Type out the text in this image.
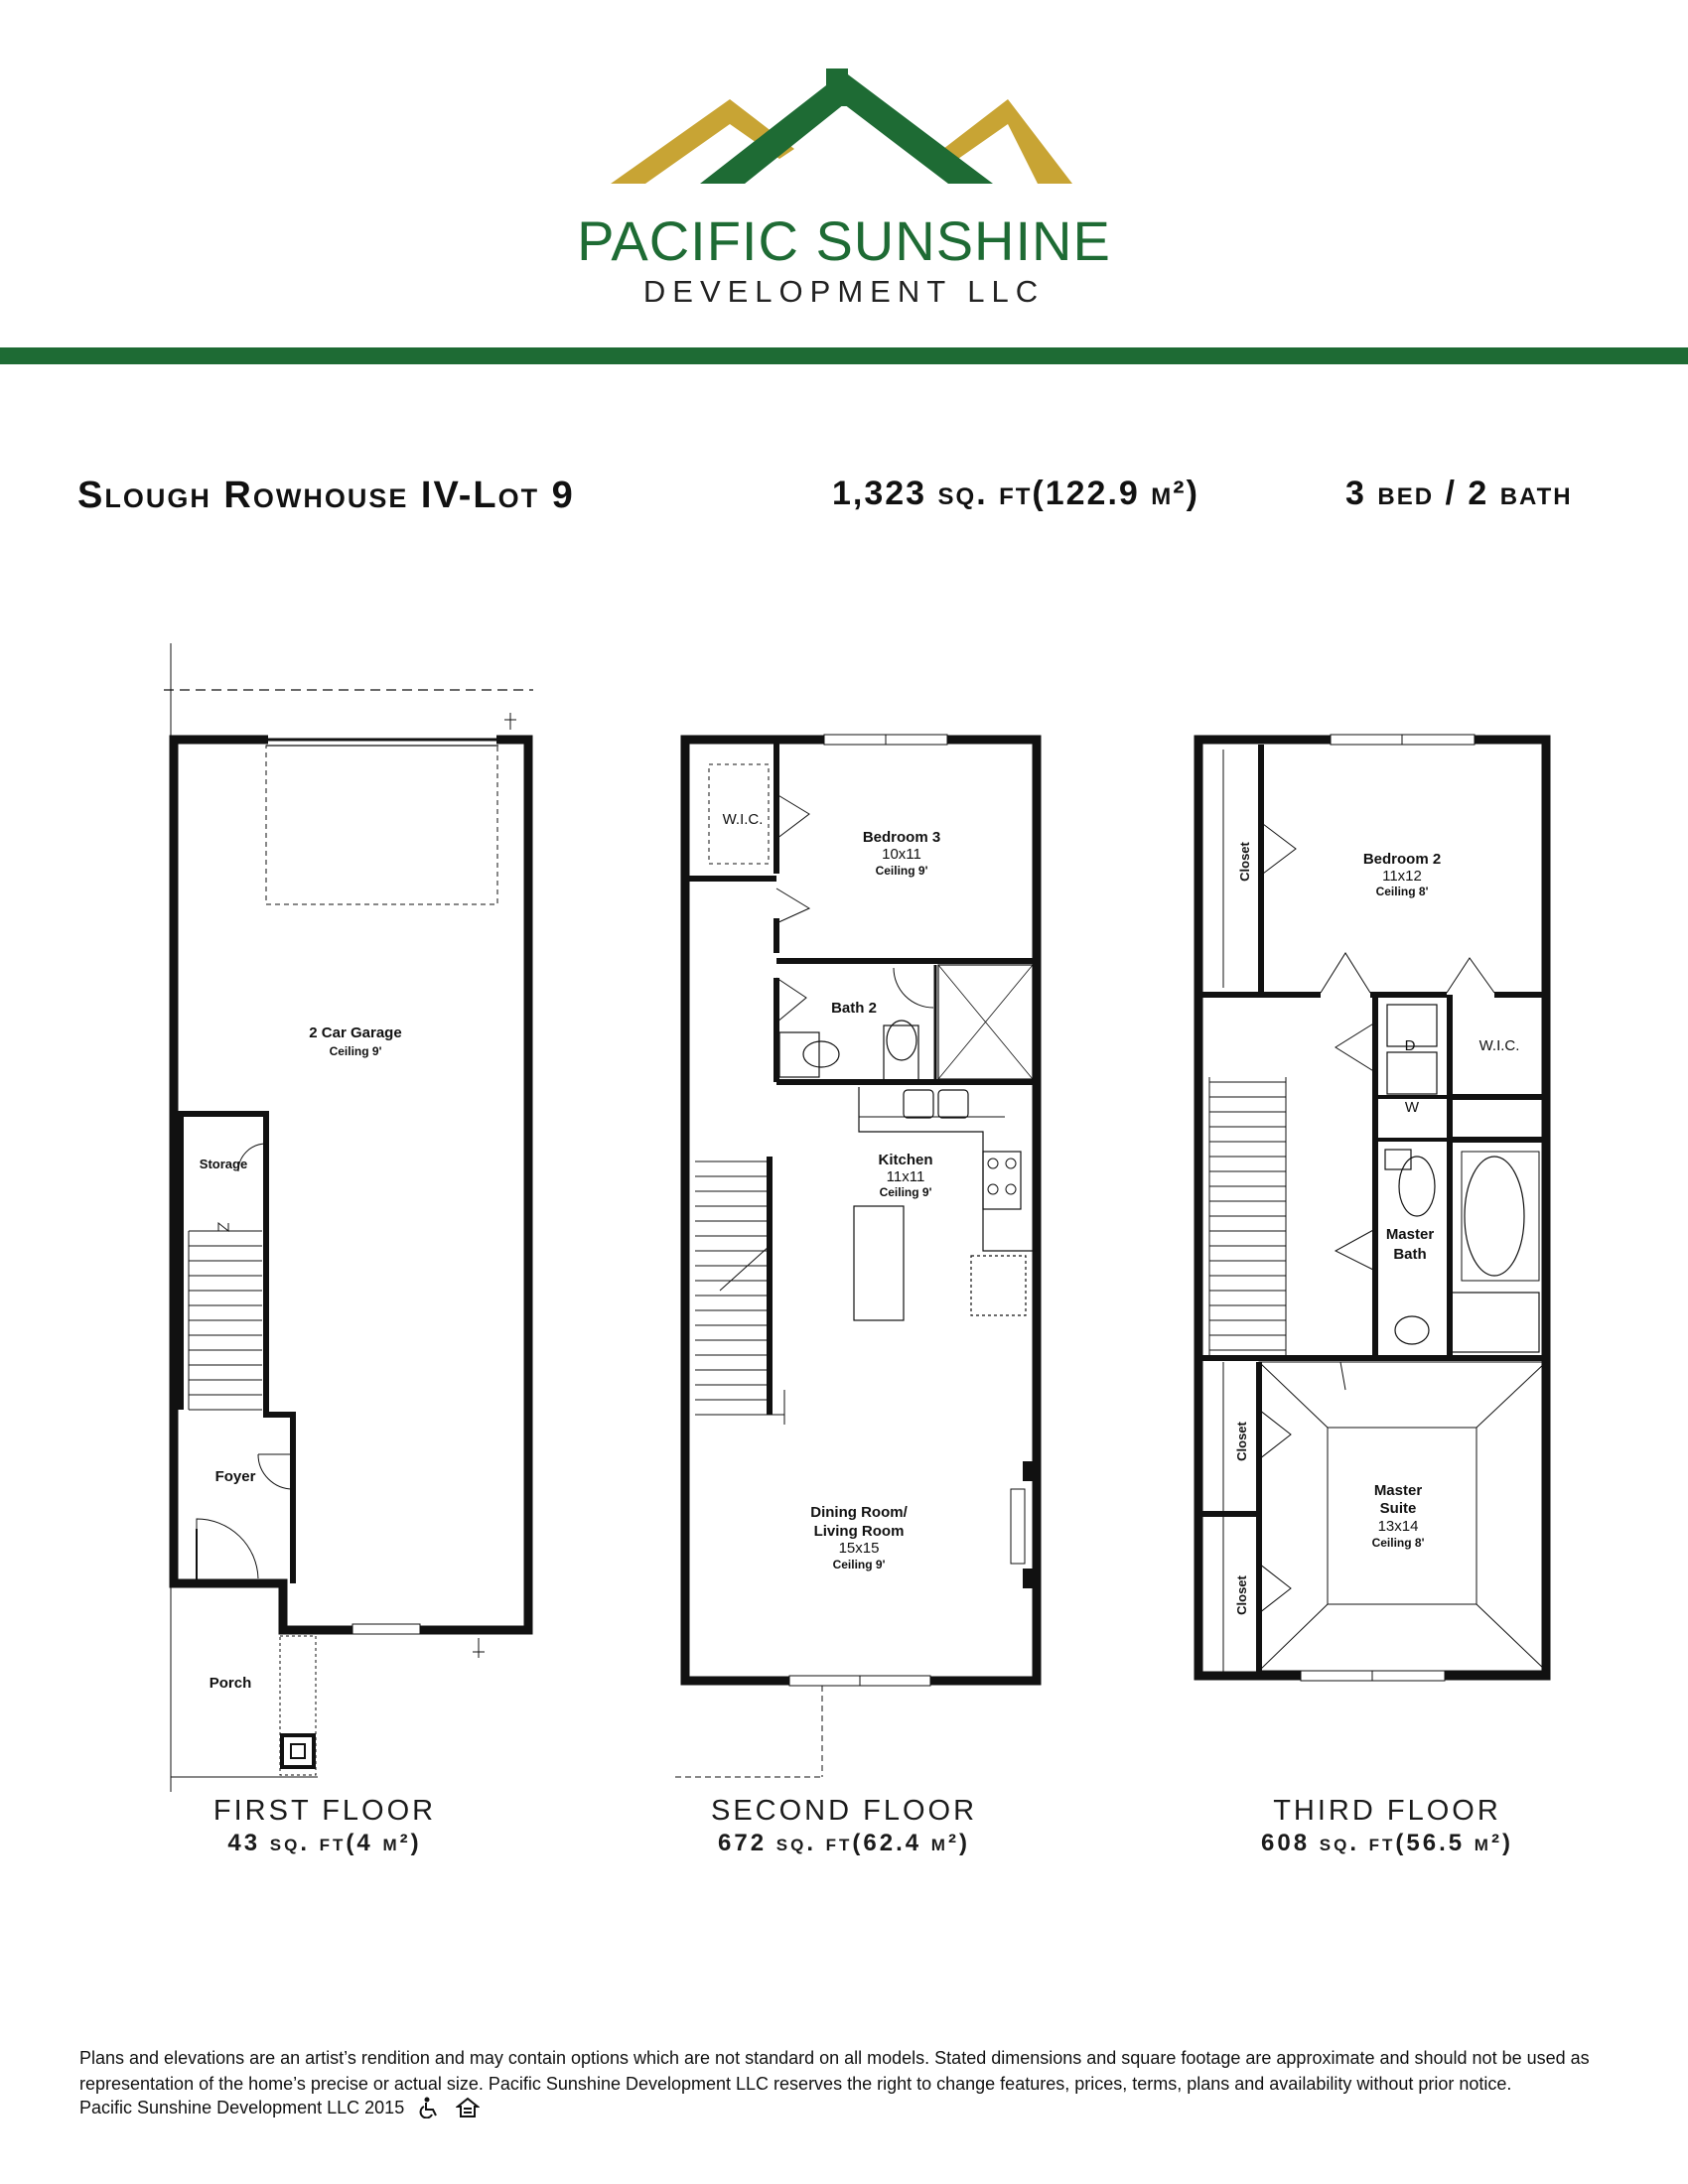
PACIFIC SUNSHINE
DEVELOPMENT LLC
Slough Rowhouse IV-Lot 9	1,323 sq. ft(122.9 m²)	3 bed / 2 bath
2 Car Garage
Ceiling 9'
Storage
Foyer
Porch
W.I.C.
Bedroom 3
10x11
Ceiling 9'
Bath 2
Kitchen
11x11
Ceiling 9'
Dining Room/
Living Room
15x15
Ceiling 9'
Closet	Bedroom 2
11x12
Ceiling 8'
D
W
W.I.C.
Master
Bath
Closet
Closet
Master
Suite
13x14
Ceiling 8'
FIRST FLOOR
43 sq. ft(4 m²)
SECOND FLOOR
672 sq. ft(62.4 m²)
THIRD FLOOR
608 sq. ft(56.5 m²)
Plans and elevations are an artist’s rendition and may contain options which are not standard on all models. Stated dimensions and square footage are approximate and should not be used as representation of the home’s precise or actual size. Pacific Sunshine Development LLC reserves the right to change features, prices, terms, plans and availability without prior notice.
Pacific Sunshine Development LLC 2015
